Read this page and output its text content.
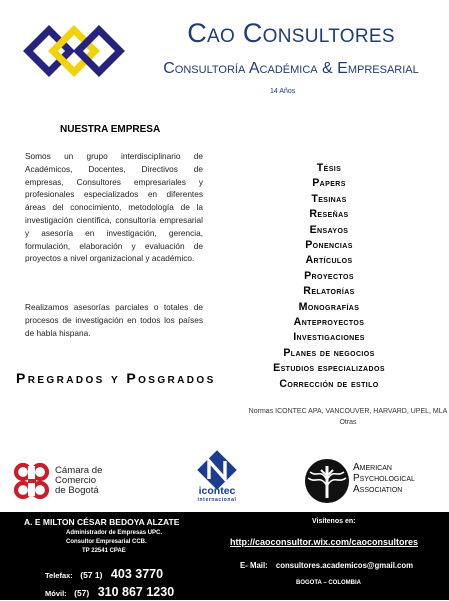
Cao Consultores
Consultoría Académica & Empresarial
14 Años
NUESTRA EMPRESA
Somos un grupo interdisciplinario de Académicos, Docentes, Directivos de empresas, Consultores empresariales y profesionales especializados en diferentes áreas del conocimiento, metodología de la investigación científica, consultoría empresarial y asesoría en investigación, gerencia, formulación, elaboración y evaluación de proyectos a nivel organizacional y académico.
Realizamos asesorías parciales o totales de procesos de investigación en todos los países de habla hispana.
Pregrados y Posgrados
Tésis
Papers
Tesinas
Reseñas
Ensayos
Ponencias
Artículos
Proyectos
Relatorías
Monografías
Anteproyectos
Investigaciones
Planes de negocios
Estudios especializados
Corrección de estilo
Normas ICONTEC APA, VANCOUVER, HARVARD, UPEL, MLA
Otras
Cámara de
Comercio
de Bogotá	icontec
internacional
American
Psychological
Association
A. E MILTON CÉSAR BEDOYA ALZATE
Administrador de Empresas UPC.
Consultor Empresarial CCB.
TP 22541 CPAE
Telefax: (57 1) 403 3770
Móvil: (57) 310 867 1230
Visítenos en:
http://caoconsultor.wix.com/caoconsultores
E- Mail: consultores.academicos@gmail.com
BOGOTA – COLOMBIA
